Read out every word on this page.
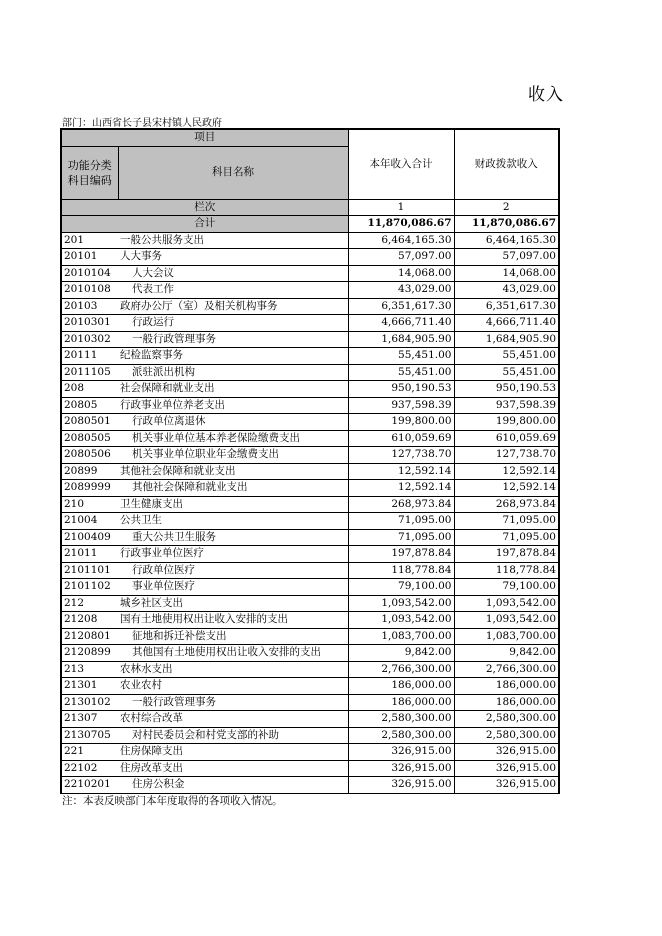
收入
部门：山西省长子县宋村镇人民政府
项目		本年收入合计	财政拨款收入
功能分类科目编码	科目名称		
栏次		1	2
合计		11,870,086.67	11,870,086.67
201	一般公共服务支出	6,464,165.30	6,464,165.30
20101	人大事务	57,097.00	57,097.00
2010104	人大会议	14,068.00	14,068.00
2010108	代表工作	43,029.00	43,029.00
20103	政府办公厅（室）及相关机构事务	6,351,617.30	6,351,617.30
2010301	行政运行	4,666,711.40	4,666,711.40
2010302	一般行政管理事务	1,684,905.90	1,684,905.90
20111	纪检监察事务	55,451.00	55,451.00
2011105	派驻派出机构	55,451.00	55,451.00
208	社会保障和就业支出	950,190.53	950,190.53
20805	行政事业单位养老支出	937,598.39	937,598.39
2080501	行政单位离退休	199,800.00	199,800.00
2080505	机关事业单位基本养老保险缴费支出	610,059.69	610,059.69
2080506	机关事业单位职业年金缴费支出	127,738.70	127,738.70
20899	其他社会保障和就业支出	12,592.14	12,592.14
2089999	其他社会保障和就业支出	12,592.14	12,592.14
210	卫生健康支出	268,973.84	268,973.84
21004	公共卫生	71,095.00	71,095.00
2100409	重大公共卫生服务	71,095.00	71,095.00
21011	行政事业单位医疗	197,878.84	197,878.84
2101101	行政单位医疗	118,778.84	118,778.84
2101102	事业单位医疗	79,100.00	79,100.00
212	城乡社区支出	1,093,542.00	1,093,542.00
21208	国有土地使用权出让收入安排的支出	1,093,542.00	1,093,542.00
2120801	征地和拆迁补偿支出	1,083,700.00	1,083,700.00
2120899	其他国有土地使用权出让收入安排的支出	9,842.00	9,842.00
213	农林水支出	2,766,300.00	2,766,300.00
21301	农业农村	186,000.00	186,000.00
2130102	一般行政管理事务	186,000.00	186,000.00
21307	农村综合改革	2,580,300.00	2,580,300.00
2130705	对村民委员会和村党支部的补助	2,580,300.00	2,580,300.00
221	住房保障支出	326,915.00	326,915.00
22102	住房改革支出	326,915.00	326,915.00
2210201	住房公积金	326,915.00	326,915.00
注：本表反映部门本年度取得的各项收入情况。
